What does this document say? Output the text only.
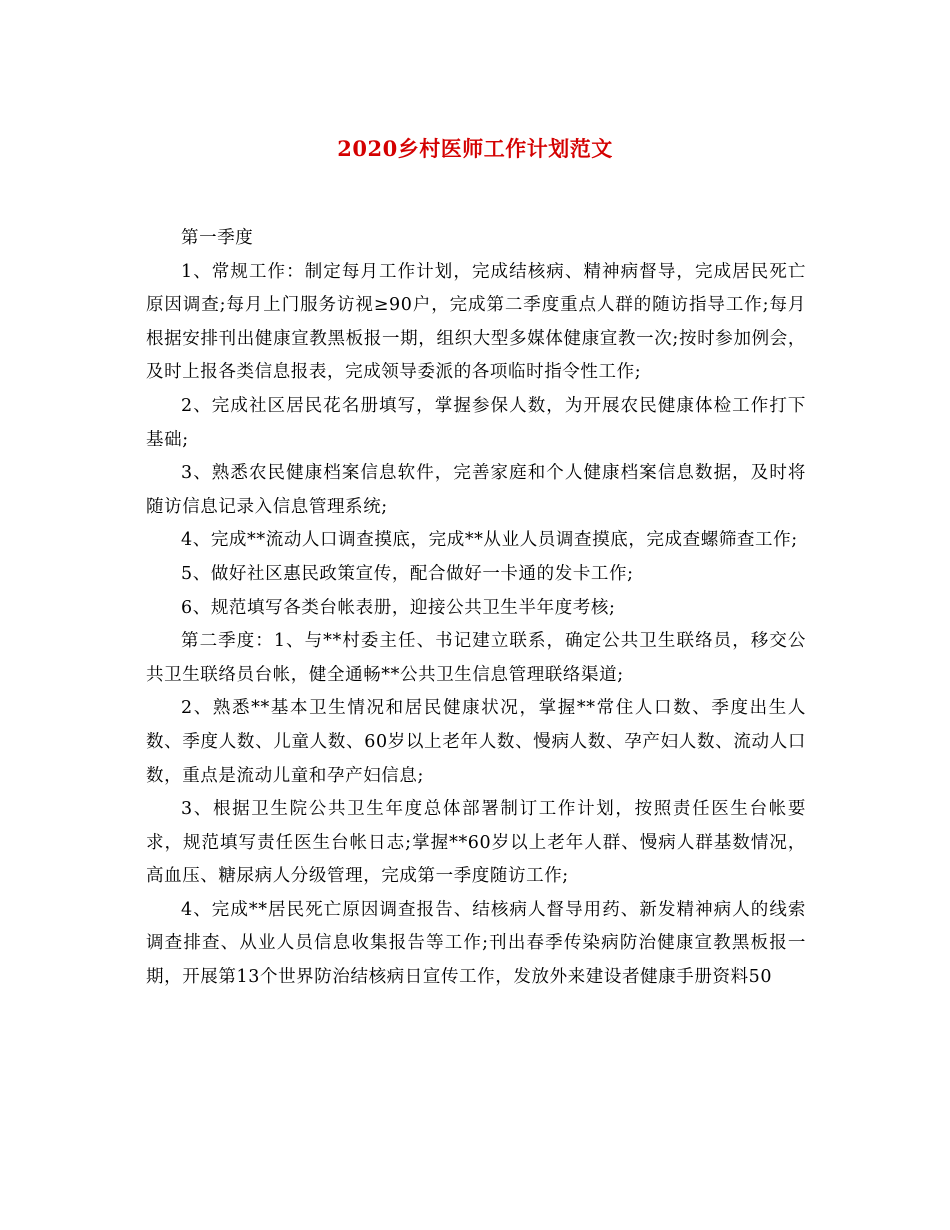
2020乡村医师工作计划范文

第一季度

1、常规工作：制定每月工作计划，完成结核病、精神病督导，完成居民死亡原因调查;每月上门服务访视≥90户，完成第二季度重点人群的随访指导工作;每月根据安排刊出健康宣教黑板报一期，组织大型多媒体健康宣教一次;按时参加例会，及时上报各类信息报表，完成领导委派的各项临时指令性工作;

2、完成社区居民花名册填写，掌握参保人数，为开展农民健康体检工作打下基础;

3、熟悉农民健康档案信息软件，完善家庭和个人健康档案信息数据，及时将随访信息记录入信息管理系统;

4、完成**流动人口调查摸底，完成**从业人员调查摸底，完成查螺筛查工作;

5、做好社区惠民政策宣传，配合做好一卡通的发卡工作;

6、规范填写各类台帐表册，迎接公共卫生半年度考核;

第二季度：1、与**村委主任、书记建立联系，确定公共卫生联络员，移交公共卫生联络员台帐，健全通畅**公共卫生信息管理联络渠道;

2、熟悉**基本卫生情况和居民健康状况，掌握**常住人口数、季度出生人数、季度人数、儿童人数、60岁以上老年人数、慢病人数、孕产妇人数、流动人口数，重点是流动儿童和孕产妇信息;

3、根据卫生院公共卫生年度总体部署制订工作计划，按照责任医生台帐要求，规范填写责任医生台帐日志;掌握**60岁以上老年人群、慢病人群基数情况，高血压、糖尿病人分级管理，完成第一季度随访工作;

4、完成**居民死亡原因调查报告、结核病人督导用药、新发精神病人的线索调查排查、从业人员信息收集报告等工作;刊出春季传染病防治健康宣教黑板报一期，开展第13个世界防治结核病日宣传工作，发放外来建设者健康手册资料50
